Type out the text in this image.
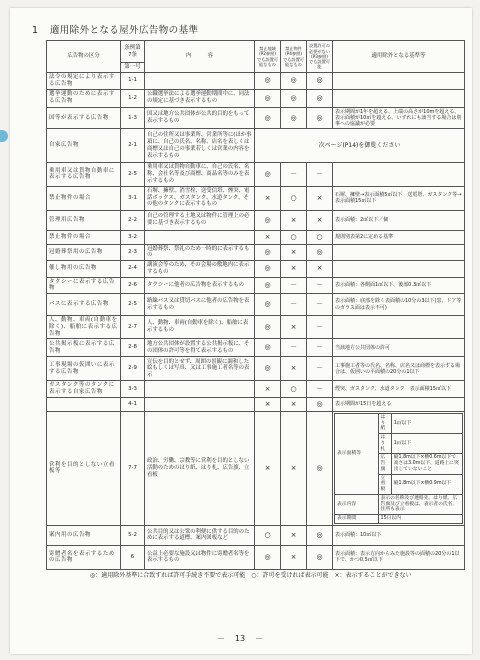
1 適用除外となる屋外広告物の基準
広告物の区分	条例第7条	内　　　容	禁止地域(P2参照)でも設置可能なもの	禁止物件(P4参照)でも設置可能なもの	設置許可の必要がない(P3参照)でも設置可能	適用除外となる基準等
第一号
法令の規定により表示する広告物	1-1		◎	◎	◎	
選挙運動のために表示する広告物	1-2	公職選挙法による選挙運動期間中に、同法の規定に基づき表示するもの	◎	◎	◎	
国等が表示する広告物	1-3	国又は地方公共団体が公共的目的をもって表示するもの	◎	◎	◎	表示期間が1年を超える、上端の高さが10mを超える、表示面積が10㎡を超える、いずれにも該当する場合は別事への協議が必要
自家広告物	2-1	自己の住所又は事業所、営業所等に(ほか事項に、自己の氏名、名称、店名を表しくは商標又は自己の事業若しくは営業の内容を表示するもの	次ページ(P14)を御覧ください
乗用車又は貨物自動車に表示する広告物	2-5	乗用車又は貨物自動車に、自己の氏名、名称、会社名等及び商標、商品名等のみを表示するもの	◎	－	－	
禁止物件の場合	3-1	石塀、擁壁、消雪栓、送受信塔、煙突、電話ボックス、ガスタンク、水道タンク、その他のタンクに表示するもの	×	○	×	石塀、擁壁→表示面積5㎡以下　送電塔、ガスタンク等→表示面積15㎡以下
管理用広告物	2-2	自己の管理する土地又は物件に管理上の必要に基づき表示するもの	◎	×	×	表示面積：2㎡以下／個
禁止物件の場合	3-2		×	○	○	規則別表第2に定める基準
冠婚葬祭用の広告物	2-3	冠婚葬祭、祭礼のため一時的に表示するもの	◎	×	◎	
催し物用の広告物	2-4	講演会等のため、その会場の敷地内に表示するもの	◎	×	×	
タクシーに表示する広告物	2-6	タクシーに他者の広告物を表示するもの	◎	－	－	表示面積：各側面1㎡以下、後部0.3㎡以下
バスに表示する広告物	2-5	路線バス又は貸切バスに他者の広告物を表示するもの	◎	－	－	表示面積：底部を除く表面積の10分の3以下(窓、ドア等のガラス面は表示不可)
人、動物、車両(自動車を除く)、船舶に表示する広告物	2-7	人、動物、車両(自動車を除く)、船舶に表示するもの	◎	×	－	
公共掲示板に表示する広告物	2-8	地方公共団体が設置する公共掲示板に、その団体の許可等を得て表示するもの	◎	－	－	当該地方公共団体の許可
工事現場の仮囲いに表示する広告物	2-9	宣伝を目的とせず、周囲の景観に調和した絵もしくは写真、又は工事施工者名等の表示	◎	×	－	工事施工者等の氏名、名称、店名又は商標を表示する場合は、仮囲いの平面積の20分の1以下
ガスタンク等のタンクに表示する自家広告物	3-3		×	○	－	煙突、ガスタンク、水道タンク　表示面積15㎡以下
	4-1		×	×	◎	表示期間が15日を超える
営利を目的としない立看板等	7-7	政治、労働、宗教等に営利を目的としない活動のためのはり紙、はり札、広告旗、立看板	×	×	◎	
表示面積等	はり紙	1㎡以下
はり札	1㎡以下
広告旗	縦1.8m以下×横0.6m以下で高さは3.0m以下、道路上に突出していないこと
立看板	縦1.8m以下×横0.9m以下
表示内容	表示の名称及び連絡先、はり紙、広告旗及び立看板は、表示者の氏名、住所も表示
表示期間	15日以内

案内用の広告物	5-2	公共目的又は公衆の利便に供する目的のために表示する道標、案内図板など	○	×	◎	表示面積：10㎡以下
寄贈者名を表示するための広告物	6	公益上必要な施設又は物件に寄贈者名等を表示するもの	◎	×	◎	表示面積：表示方向からみた施設等の面積の20分の1以下で、かつ0.5㎡以下
◎：適用除外基準に合致すれば許可手続き不要で表示可能　○：許可を受ければ表示可能　×：表示することができない
－ 13 －
